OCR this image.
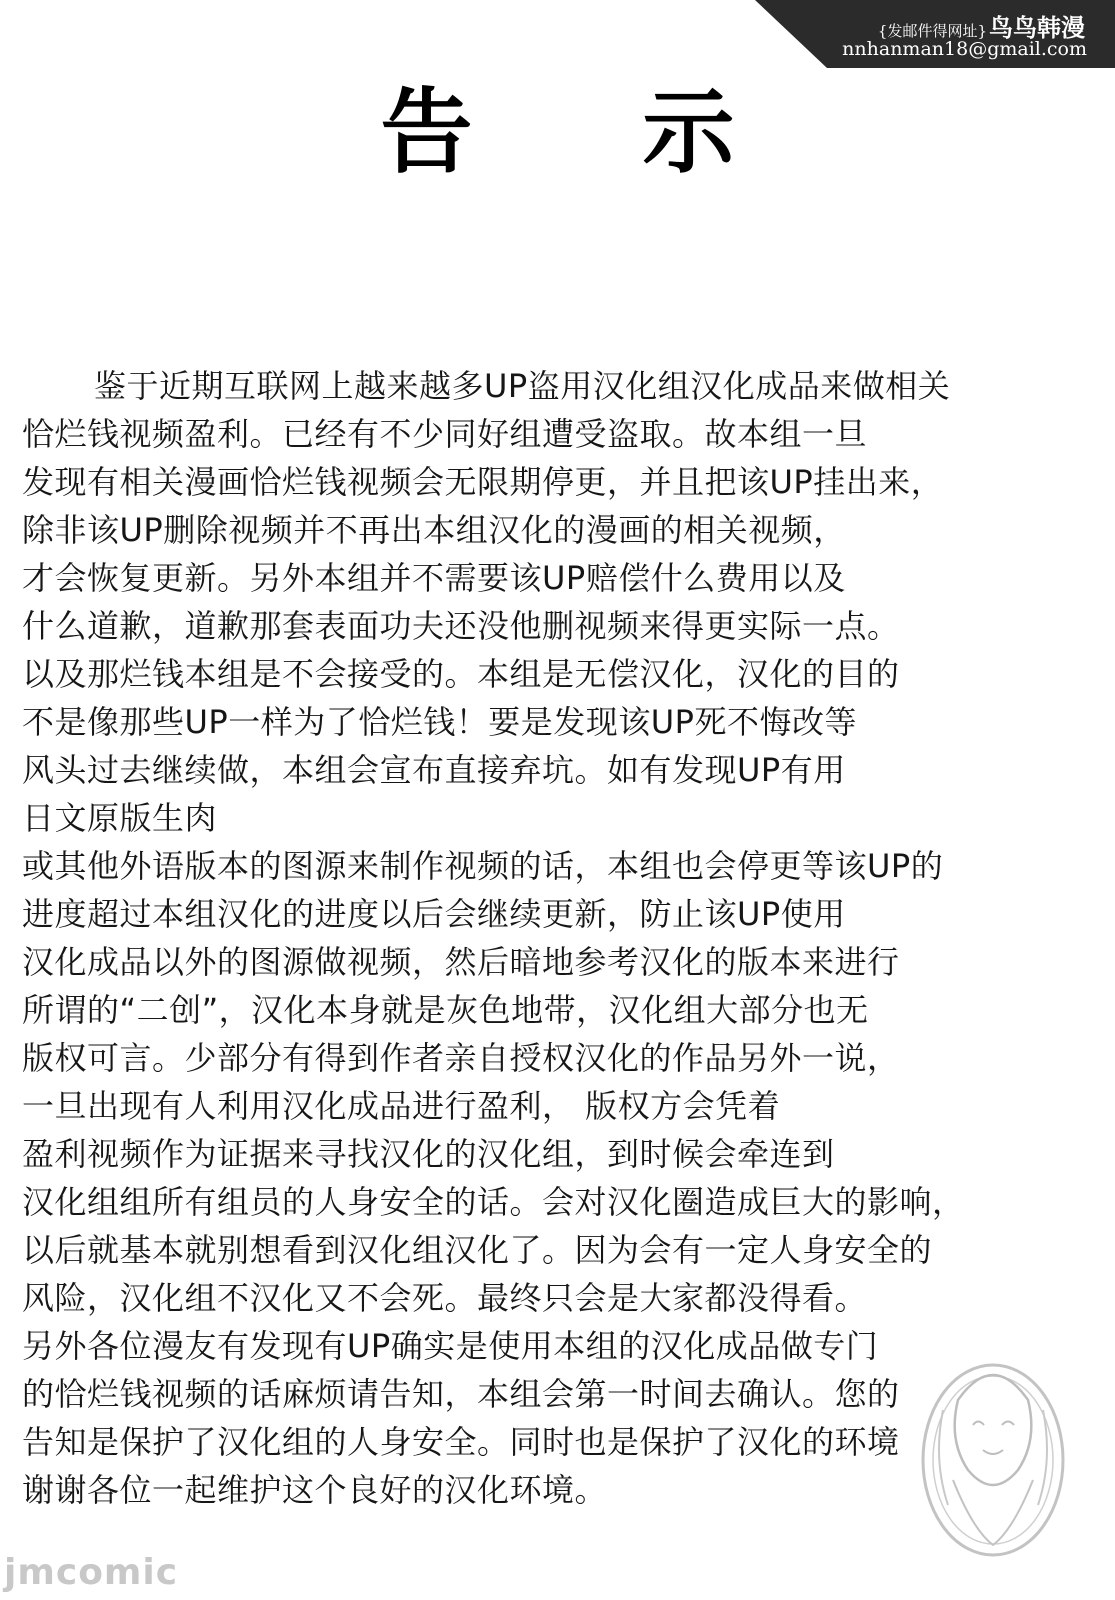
{发邮件得网址}鸟鸟韩漫
nnhanman18@gmail.com
告示
鉴于近期互联网上越来越多UP盗用汉化组汉化成品来做相关
恰烂钱视频盈利。已经有不少同好组遭受盗取。故本组一旦
发现有相关漫画恰烂钱视频会无限期停更，并且把该UP挂出来，
除非该UP删除视频并不再出本组汉化的漫画的相关视频，
才会恢复更新。另外本组并不需要该UP赔偿什么费用以及
什么道歉，道歉那套表面功夫还没他删视频来得更实际一点。
以及那烂钱本组是不会接受的。本组是无偿汉化，汉化的目的
不是像那些UP一样为了恰烂钱！要是发现该UP死不悔改等
风头过去继续做，本组会宣布直接弃坑。如有发现UP有用
日文原版生肉
或其他外语版本的图源来制作视频的话，本组也会停更等该UP的
进度超过本组汉化的进度以后会继续更新，防止该UP使用
汉化成品以外的图源做视频，然后暗地参考汉化的版本来进行
所谓的“二创”，汉化本身就是灰色地带，汉化组大部分也无
版权可言。少部分有得到作者亲自授权汉化的作品另外一说，
一旦出现有人利用汉化成品进行盈利， 版权方会凭着
盈利视频作为证据来寻找汉化的汉化组，到时候会牵连到
汉化组组所有组员的人身安全的话。会对汉化圈造成巨大的影响，
以后就基本就别想看到汉化组汉化了。因为会有一定人身安全的
风险，汉化组不汉化又不会死。最终只会是大家都没得看。
另外各位漫友有发现有UP确实是使用本组的汉化成品做专门
的恰烂钱视频的话麻烦请告知，本组会第一时间去确认。您的
告知是保护了汉化组的人身安全。同时也是保护了汉化的环境
谢谢各位一起维护这个良好的汉化环境。
jmcomic
